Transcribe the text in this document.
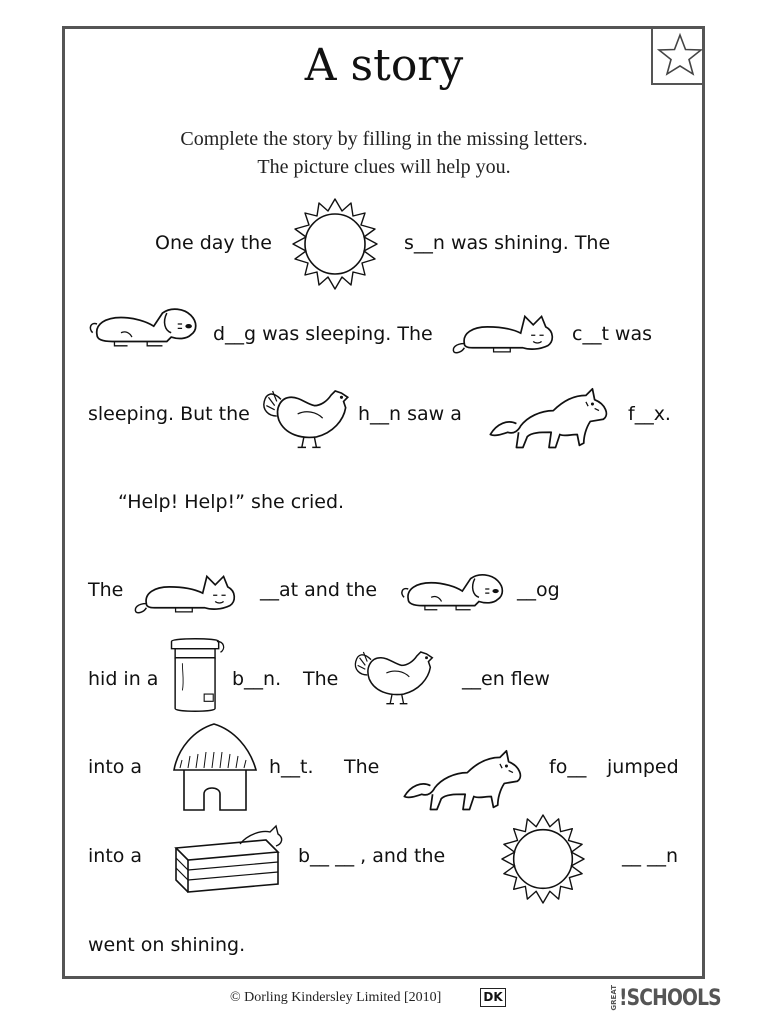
A story
Complete the story by filling in the missing letters.
The picture clues will help you.
One day the	s__n was shining. The
d__g was sleeping. The	c__t was
sleeping. But the	h__n saw a	f__x.
“Help! Help!” she cried.
The	__at and the	__og
hid in a	b__n. The	__en flew
into a	h__t. The	fo__ jumped
into a	b__ __ , and the	__ __n
went on shining.
© Dorling Kindersley Limited [2010]	DK	GREAT !SCHOOLS
